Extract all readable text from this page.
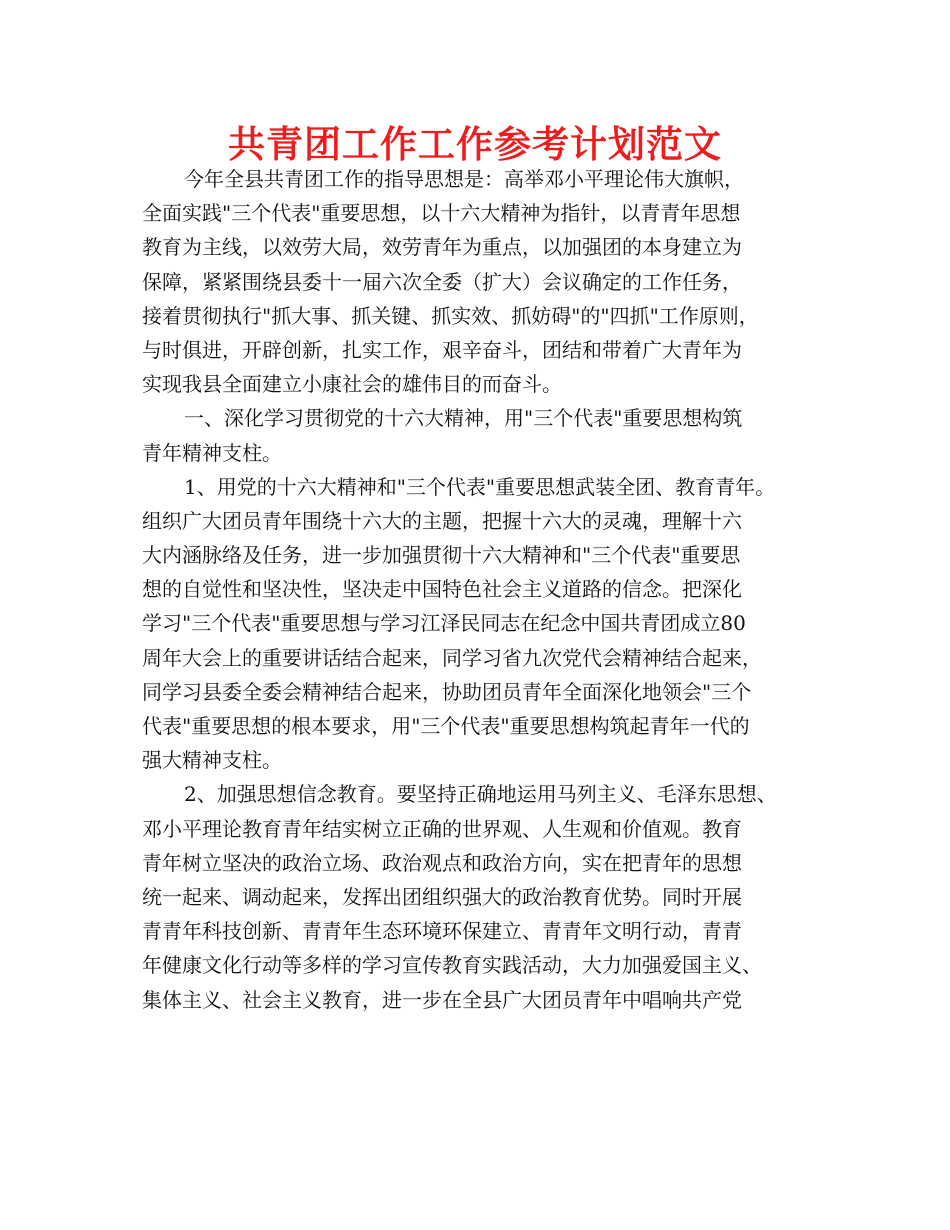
共青团工作工作参考计划范文
今年全县共青团工作的指导思想是：高举邓小平理论伟大旗帜，
全面实践"三个代表"重要思想，以十六大精神为指针，以青青年思想
教育为主线，以效劳大局，效劳青年为重点，以加强团的本身建立为
保障，紧紧围绕县委十一届六次全委（扩大）会议确定的工作任务，
接着贯彻执行"抓大事、抓关键、抓实效、抓妨碍"的"四抓"工作原则，
与时俱进，开辟创新，扎实工作，艰辛奋斗，团结和带着广大青年为
实现我县全面建立小康社会的雄伟目的而奋斗。
一、深化学习贯彻党的十六大精神，用"三个代表"重要思想构筑
青年精神支柱。
1、用党的十六大精神和"三个代表"重要思想武装全团、教育青年。
组织广大团员青年围绕十六大的主题，把握十六大的灵魂，理解十六
大内涵脉络及任务，进一步加强贯彻十六大精神和"三个代表"重要思
想的自觉性和坚决性，坚决走中国特色社会主义道路的信念。把深化
学习"三个代表"重要思想与学习江泽民同志在纪念中国共青团成立80
周年大会上的重要讲话结合起来，同学习省九次党代会精神结合起来，
同学习县委全委会精神结合起来，协助团员青年全面深化地领会"三个
代表"重要思想的根本要求，用"三个代表"重要思想构筑起青年一代的
强大精神支柱。
2、加强思想信念教育。要坚持正确地运用马列主义、毛泽东思想、
邓小平理论教育青年结实树立正确的世界观、人生观和价值观。教育
青年树立坚决的政治立场、政治观点和政治方向，实在把青年的思想
统一起来、调动起来，发挥出团组织强大的政治教育优势。同时开展
青青年科技创新、青青年生态环境环保建立、青青年文明行动，青青
年健康文化行动等多样的学习宣传教育实践活动，大力加强爱国主义、
集体主义、社会主义教育，进一步在全县广大团员青年中唱响共产党
